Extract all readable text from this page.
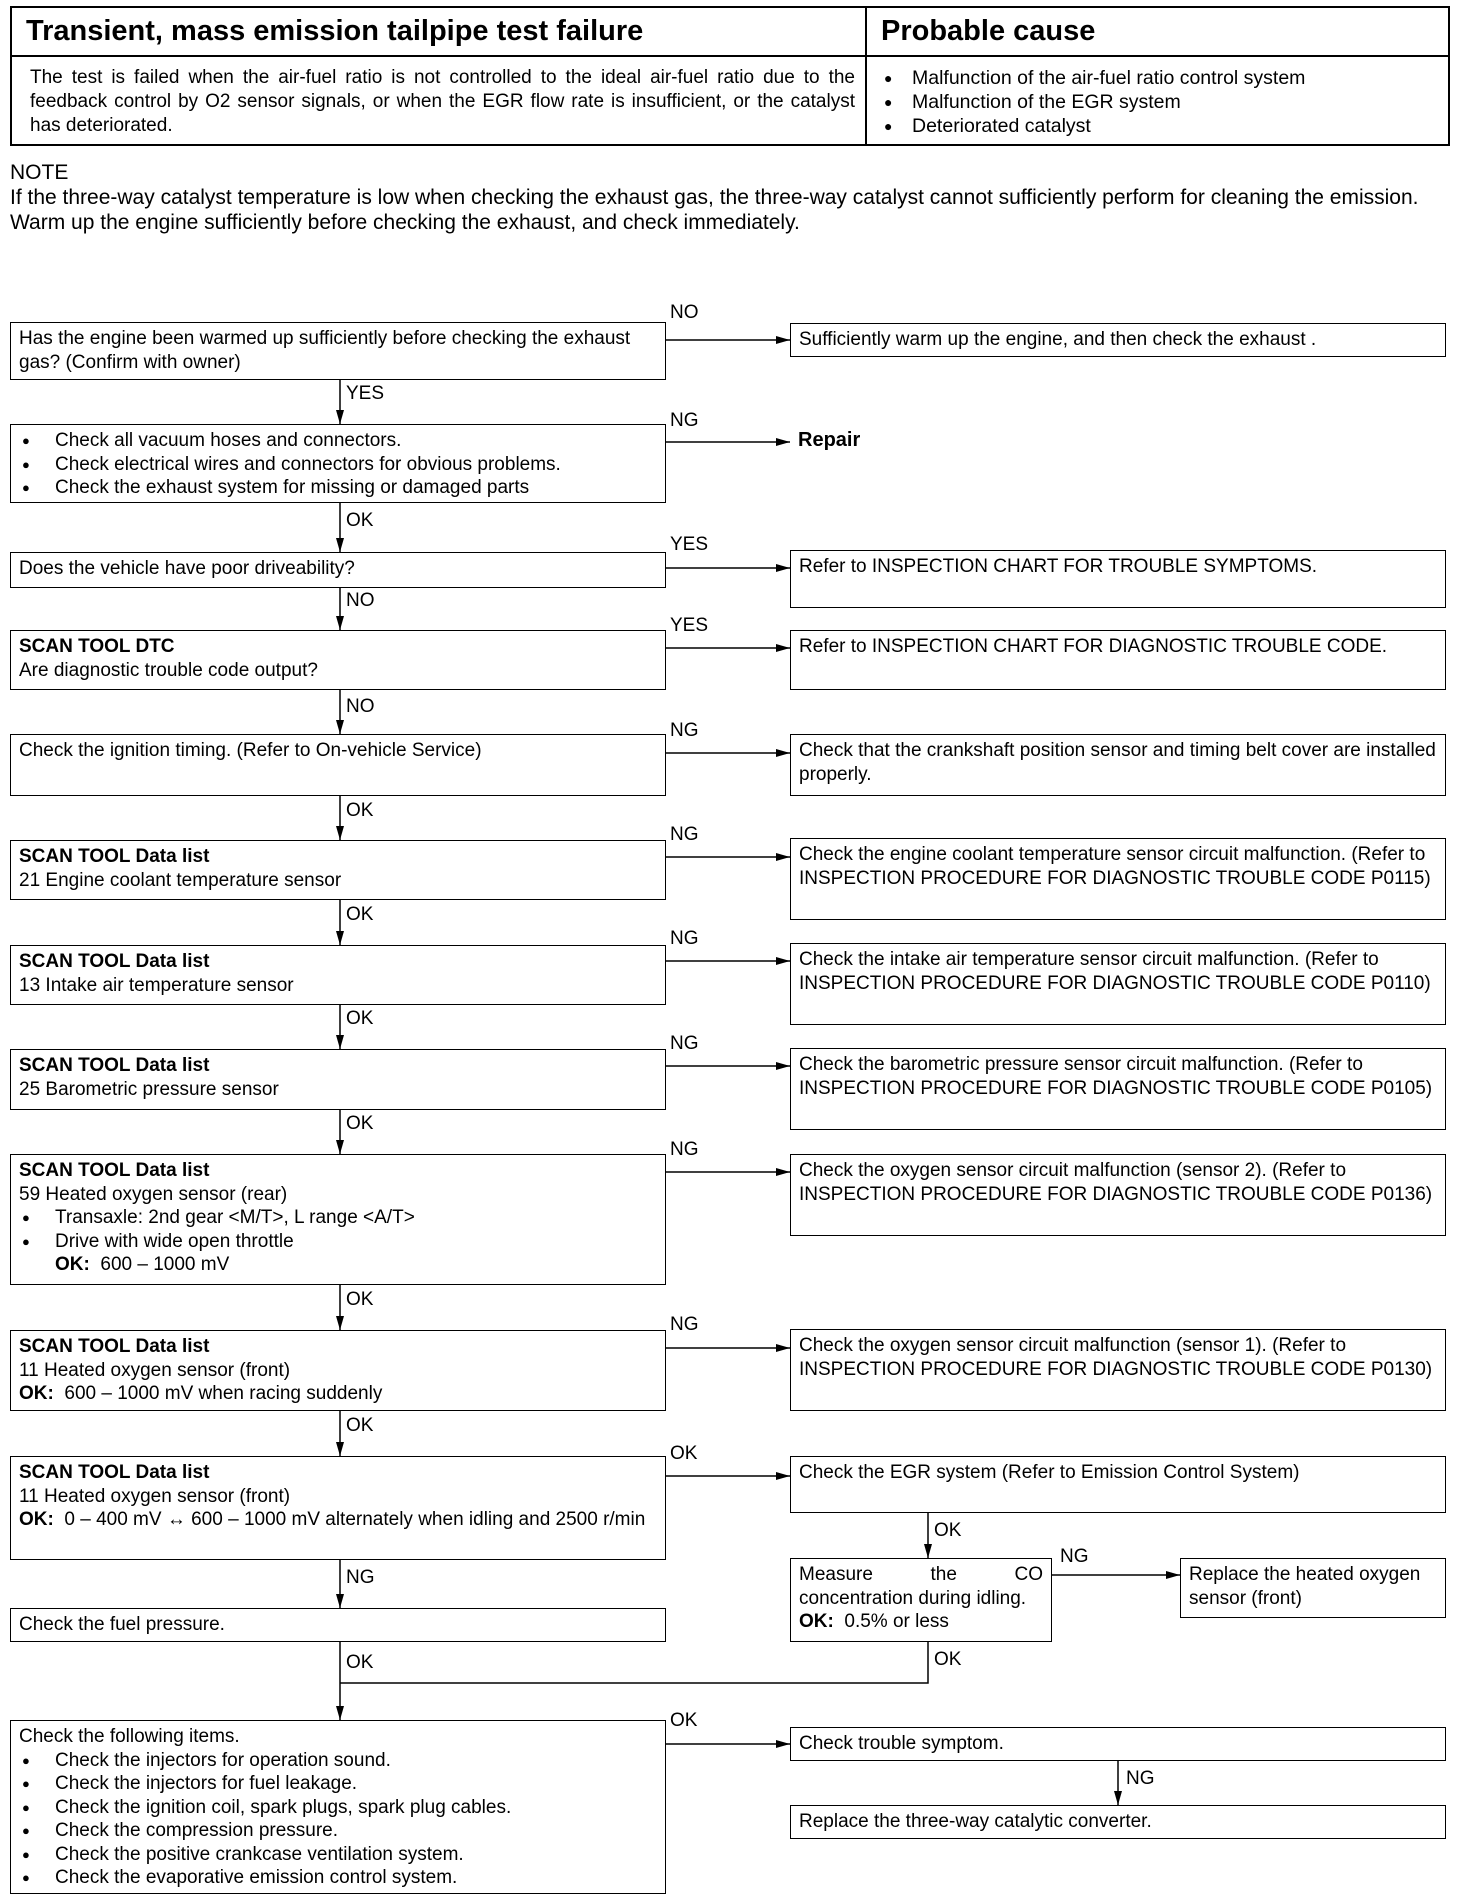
Transient, mass emission tailpipe test failure	Probable cause
The test is failed when the air-fuel ratio is not controlled to the ideal air-fuel ratio due to the feedback control by O2 sensor signals, or when the EGR flow rate is insufficient, or the catalyst has deteriorated.
● Malfunction of the air-fuel ratio control system
● Malfunction of the EGR system
● Deteriorated catalyst
NOTE
If the three-way catalyst temperature is low when checking the exhaust gas, the three-way catalyst cannot sufficiently perform for cleaning the emission. Warm up the engine sufficiently before checking the exhaust, and check immediately.
Has the engine been warmed up sufficiently before checking the exhaust gas? (Confirm with owner)
Sufficiently warm up the engine, and then check the exhaust .
● Check all vacuum hoses and connectors.
● Check electrical wires and connectors for obvious problems.
● Check the exhaust system for missing or damaged parts
Repair
Does the vehicle have poor driveability?	Refer to INSPECTION CHART FOR TROUBLE SYMPTOMS.
SCAN TOOL DTC
Are diagnostic trouble code output?
Refer to INSPECTION CHART FOR DIAGNOSTIC TROUBLE CODE.
Check the ignition timing. (Refer to On-vehicle Service)	Check that the crankshaft position sensor and timing belt cover are installed properly.
SCAN TOOL Data list
21 Engine coolant temperature sensor
Check the engine coolant temperature sensor circuit malfunction. (Refer to INSPECTION PROCEDURE FOR DIAGNOSTIC TROUBLE CODE P0115)
SCAN TOOL Data list
13 Intake air temperature sensor
Check the intake air temperature sensor circuit malfunction. (Refer to INSPECTION PROCEDURE FOR DIAGNOSTIC TROUBLE CODE P0110)
SCAN TOOL Data list
25 Barometric pressure sensor
Check the barometric pressure sensor circuit malfunction. (Refer to INSPECTION PROCEDURE FOR DIAGNOSTIC TROUBLE CODE P0105)
SCAN TOOL Data list
59 Heated oxygen sensor (rear)
● Transaxle: 2nd gear <M/T>, L range <A/T>
● Drive with wide open throttle
OK: 600 – 1000 mV
Check the oxygen sensor circuit malfunction (sensor 2). (Refer to INSPECTION PROCEDURE FOR DIAGNOSTIC TROUBLE CODE P0136)
SCAN TOOL Data list
11 Heated oxygen sensor (front)
OK: 600 – 1000 mV when racing suddenly
Check the oxygen sensor circuit malfunction (sensor 1). (Refer to INSPECTION PROCEDURE FOR DIAGNOSTIC TROUBLE CODE P0130)
SCAN TOOL Data list
11 Heated oxygen sensor (front)
OK: 0 – 400 mV ↔ 600 – 1000 mV alternately when idling and 2500 r/min
Check the EGR system (Refer to Emission Control System)
Measure the CO concentration during idling.
OK: 0.5% or less
Replace the heated oxygen sensor (front)
Check the fuel pressure.
Check the following items.
● Check the injectors for operation sound.
● Check the injectors for fuel leakage.
● Check the ignition coil, spark plugs, spark plug cables.
● Check the compression pressure.
● Check the positive crankcase ventilation system.
● Check the evaporative emission control system.
Check trouble symptom.
Replace the three-way catalytic converter.
NO
YES
NG
OK
YES
NO
YES
NO
NG
OK
NG
OK
NG
OK
NG
OK
NG
OK
NG
OK
OK
NG
OK
NG
OK
OK
OK
NG
